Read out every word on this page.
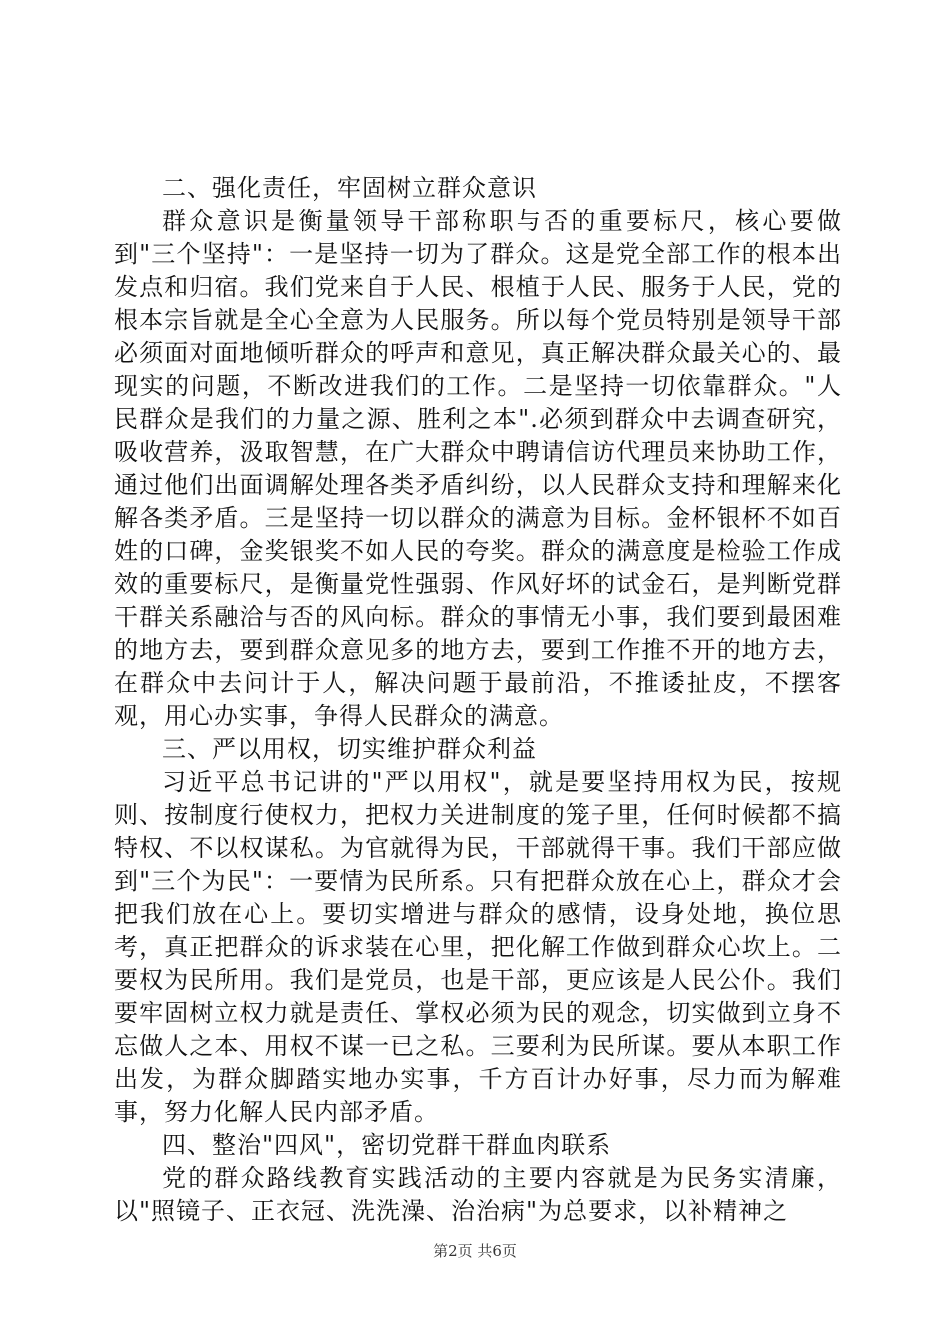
二、强化责任，牢固树立群众意识

群众意识是衡量领导干部称职与否的重要标尺，核心要做到"三个坚持"：一是坚持一切为了群众。这是党全部工作的根本出发点和归宿。我们党来自于人民、根植于人民、服务于人民，党的根本宗旨就是全心全意为人民服务。所以每个党员特别是领导干部必须面对面地倾听群众的呼声和意见，真正解决群众最关心的、最现实的问题，不断改进我们的工作。二是坚持一切依靠群众。"人民群众是我们的力量之源、胜利之本".必须到群众中去调查研究，吸收营养，汲取智慧，在广大群众中聘请信访代理员来协助工作，通过他们出面调解处理各类矛盾纠纷，以人民群众支持和理解来化解各类矛盾。三是坚持一切以群众的满意为目标。金杯银杯不如百姓的口碑，金奖银奖不如人民的夸奖。群众的满意度是检验工作成效的重要标尺，是衡量党性强弱、作风好坏的试金石，是判断党群干群关系融洽与否的风向标。群众的事情无小事，我们要到最困难的地方去，要到群众意见多的地方去，要到工作推不开的地方去，在群众中去问计于人，解决问题于最前沿，不推诿扯皮，不摆客观，用心办实事，争得人民群众的满意。

三、严以用权，切实维护群众利益

习近平总书记讲的"严以用权"，就是要坚持用权为民，按规则、按制度行使权力，把权力关进制度的笼子里，任何时候都不搞特权、不以权谋私。为官就得为民，干部就得干事。我们干部应做到"三个为民"：一要情为民所系。只有把群众放在心上，群众才会把我们放在心上。要切实增进与群众的感情，设身处地，换位思考，真正把群众的诉求装在心里，把化解工作做到群众心坎上。二要权为民所用。我们是党员，也是干部，更应该是人民公仆。我们要牢固树立权力就是责任、掌权必须为民的观念，切实做到立身不忘做人之本、用权不谋一已之私。三要利为民所谋。要从本职工作出发，为群众脚踏实地办实事，千方百计办好事，尽力而为解难事，努力化解人民内部矛盾。

四、整治"四风"，密切党群干群血肉联系

党的群众路线教育实践活动的主要内容就是为民务实清廉，以"照镜子、正衣冠、洗洗澡、治治病"为总要求，以补精神之

第2页 共6页
